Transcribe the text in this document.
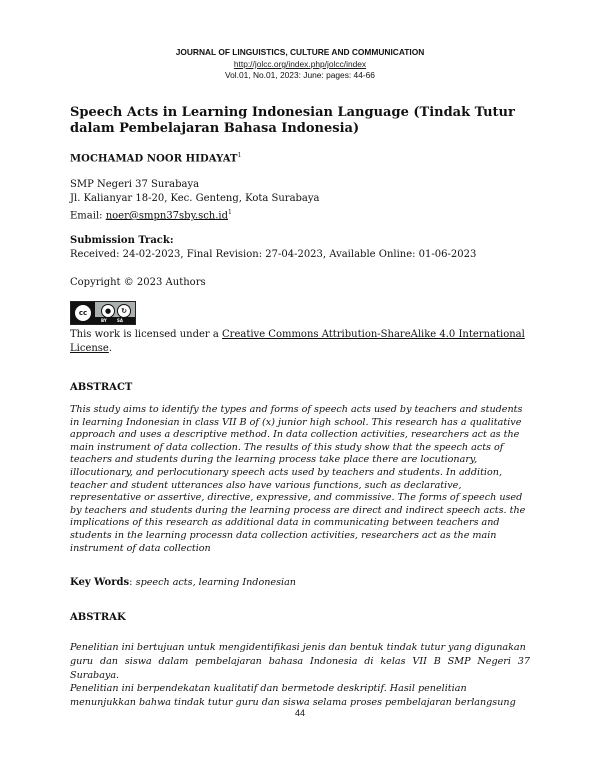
JOURNAL OF LINGUISTICS, CULTURE AND COMMUNICATION
http://jolcc.org/index.php/jolcc/index
Vol.01, No.01, 2023: June: pages: 44-66
Speech Acts in Learning Indonesian Language (Tindak Tutur dalam Pembelajaran Bahasa Indonesia)
MOCHAMAD NOOR HIDAYAT$^1$
SMP Negeri 37 Surabaya
Jl. Kalianyar 18-20, Kec. Genteng, Kota Surabaya
Email: $noer@smpn37sby.sch.id^1$
Submission Track:
Received: 24-02-2023, Final Revision: 27-04-2023, Available Online: 01-06-2023
Copyright © 2023 Authors
cc	●	↻
BY	SA
This work is licensed under a Creative Commons Attribution-ShareAlike 4.0 International License.
ABSTRACT
This study aims to identify the types and forms of speech acts used by teachers and students
in learning Indonesian in class VII B of (x) junior high school. This research has a qualitative
approach and uses a descriptive method. In data collection activities, researchers act as the
main instrument of data collection. The results of this study show that the speech acts of
teachers and students during the learning process take place there are locutionary,
illocutionary, and perlocutionary speech acts used by teachers and students. In addition,
teacher and student utterances also have various functions, such as declarative,
representative or assertive, directive, expressive, and commissive. The forms of speech used
by teachers and students during the learning process are direct and indirect speech acts. the
implications of this research as additional data in communicating between teachers and
students in the learning processn data collection activities, researchers act as the main
instrument of data collection
Key Words: speech acts, learning Indonesian
ABSTRAK
Penelitian ini bertujuan untuk mengidentifikasi jenis dan bentuk tindak tutur yang digunakan
guru dan siswa dalam pembelajaran bahasa Indonesia di kelas VII B SMP Negeri 37 Surabaya.
Penelitian ini berpendekatan kualitatif dan bermetode deskriptif. Hasil penelitian
menunjukkan bahwa tindak tutur guru dan siswa selama proses pembelajaran berlangsung
44
